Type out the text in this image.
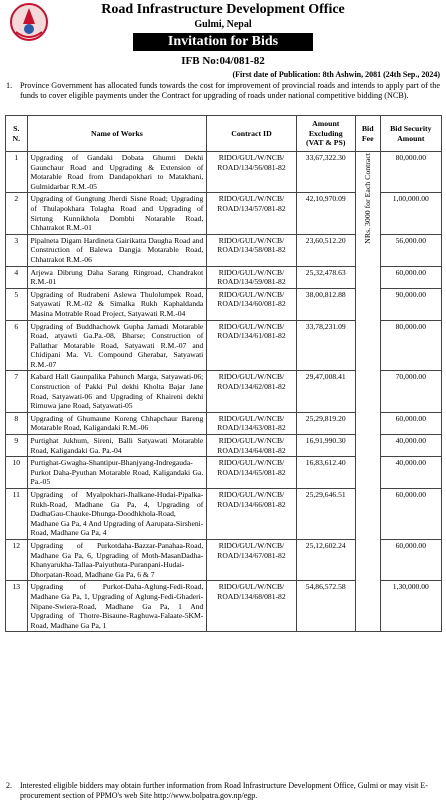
Road Infrastructure Development Office
Gulmi, Nepal
Invitation for Bids
IFB No:04/081-82
(First date of Publication: 8th Ashwin, 2081 (24th Sep., 2024)
1. Province Government has allocated funds towards the cost for improvement of provincial roads and intends to apply part of the funds to cover eligible payments under the Contract for upgrading of roads under national competitive bidding (NCB).
S. N.	Name of Works	Contract ID	Amount Excluding (VAT & PS)	Bid Fee	Bid Security Amount
1	Upgrading of Gandaki Dobata Ghumti Dekhi Gaunchaur Road and Upgrading & Extension of Motarable Road from Dandapokhari to Matakhani, Gulmidarbar R.M.-05	RIDO/GUL/W/NCB/ ROAD/134/56/081-82	33,67,322.30	NRs. 3000 for Each Contract	80,000.00
2	Upgrading of Gungtung Jherdi Sisne Road; Upgrading of Thulapokhara Tolagha Road and Upgrading of Sirtung Kunnikhola Dombhi Notarable Road, Chhatrakot R.M.-01	RIDO/GUL/W/NCB/ ROAD/134/57/081-82	42,10,970.09		1,00,000.00
3	Pipalneta Digam Hardineta Gairikatta Daugha Road and Construction of Balewa Dangja Motarable Road, Chhatrakot R.M.-06	RIDO/GUL/W/NCB/ ROAD/134/58/081-82	23,60,512.20		56,000.00
4	Arjewa Dibrung Daha Sarang Ringroad, Chandrakot R.M.-01	RIDO/GUL/W/NCB/ ROAD/134/59/081-82	25,32,478.63		60,000.00
5	Upgrading of Rudrabeni Aslewa Thulolumpek Road, Satyawati R.M.-02 & Simalka Rukh Kaphaldanda Masina Motrable Road Project, Satyawati R.M.-04	RIDO/GUL/W/NCB/ ROAD/134/60/081-82	38,00,812.88		90,000.00
6	Upgrading of Buddhachowk Gupha Jamadi Motarable Road, atyawti Ga.Pa.-08, Bharse; Construction of Pallathar Motarable Road, Satyawati R.M.-07 and Chidipani Ma. Vi. Compound Gherabar, Satyawati R.M.-07	RIDO/GUL/W/NCB/ ROAD/134/61/081-82	33,78,231.09		80,000.00
7	Kabard Hall Gaunpalika Pahunch Marga, Satyawati-06; Construction of Pakki Pul dekhi Kholta Bajar Jane Road, Satyawati-06 and Upgrading of Khaireni dekhi Rimuwa jane Road, Satyawati-05	RIDO/GUL/W/NCB/ ROAD/134/62/081-82	29,47,008.41		70,000.00
8	Upgrading of Ghumaune Koreng Chhapchaur Bareng Motarable Road, Kaligandaki R.M.-06	RIDO/GUL/W/NCB/ ROAD/134/63/081-82	25,29,819.20		60,000.00
9	Purtighat Jukhum, Sireni, Balli Satyawati Motarable Road, Kaligandaki Ga. Pa.-04	RIDO/GUL/W/NCB/ ROAD/134/64/081-82	16,91,990.30		40,000.00
10	Purtighat-Gwagha-Shantipur-Bhanjyang-Indregauda-Purkot Daha-Pyuthan Motarable Road, Kaligandaki Ga. Pa.-05	RIDO/GUL/W/NCB/ ROAD/134/65/081-82	16,83,612.40		40,000.00
11	Upgrading of Myalpokhari-Jhalkane-Hudai-Pipalka-Rukh-Road, Madhane Ga Pa, 4, Upgrading of DadhaGau-Chauke-Dhunga-Doodhkhola-Road, Madhane Ga Pa, 4 And Upgrading of Aarupata-Sirsheni-Road, Madhane Ga Pa, 4	RIDO/GUL/W/NCB/ ROAD/134/66/081-82	25,29,646.51		60,000.00
12	Upgrading of Purkotdaha-Bazzar-Panahaa-Road, Madhane Ga Pa, 6, Upgrading of Moth-MasanDadha-Khanyarukha-Tallaa-Paiyuthuta-Puranpani-Hudai-Dhorpatan-Road, Madhane Ga Pa, 6 & 7	RIDO/GUL/W/NCB/ ROAD/134/67/081-82	25,12,602.24		60,000.00
13	Upgrading of Purkot-Daha-Aglung-Fedi-Road, Madhane Ga Pa, 1, Upgrading of Aglung-Fedi-Ghaderi-Nipane-Swiera-Road, Madhane Ga Pa, 1 And Upgrading of Thotre-Bisaune-Raghuwa-Falaate-5KM-Road, Madhane Ga Pa, 1	RIDO/GUL/W/NCB/ ROAD/134/68/081-82	54,86,572.58		1,30,000.00
2.	Interested eligible bidders may obtain further information from Road Infrastructure Development Office, Gulmi or may visit E-procurement section of PPMO's web Site http://www.bolpatra.gov.np/egp.
